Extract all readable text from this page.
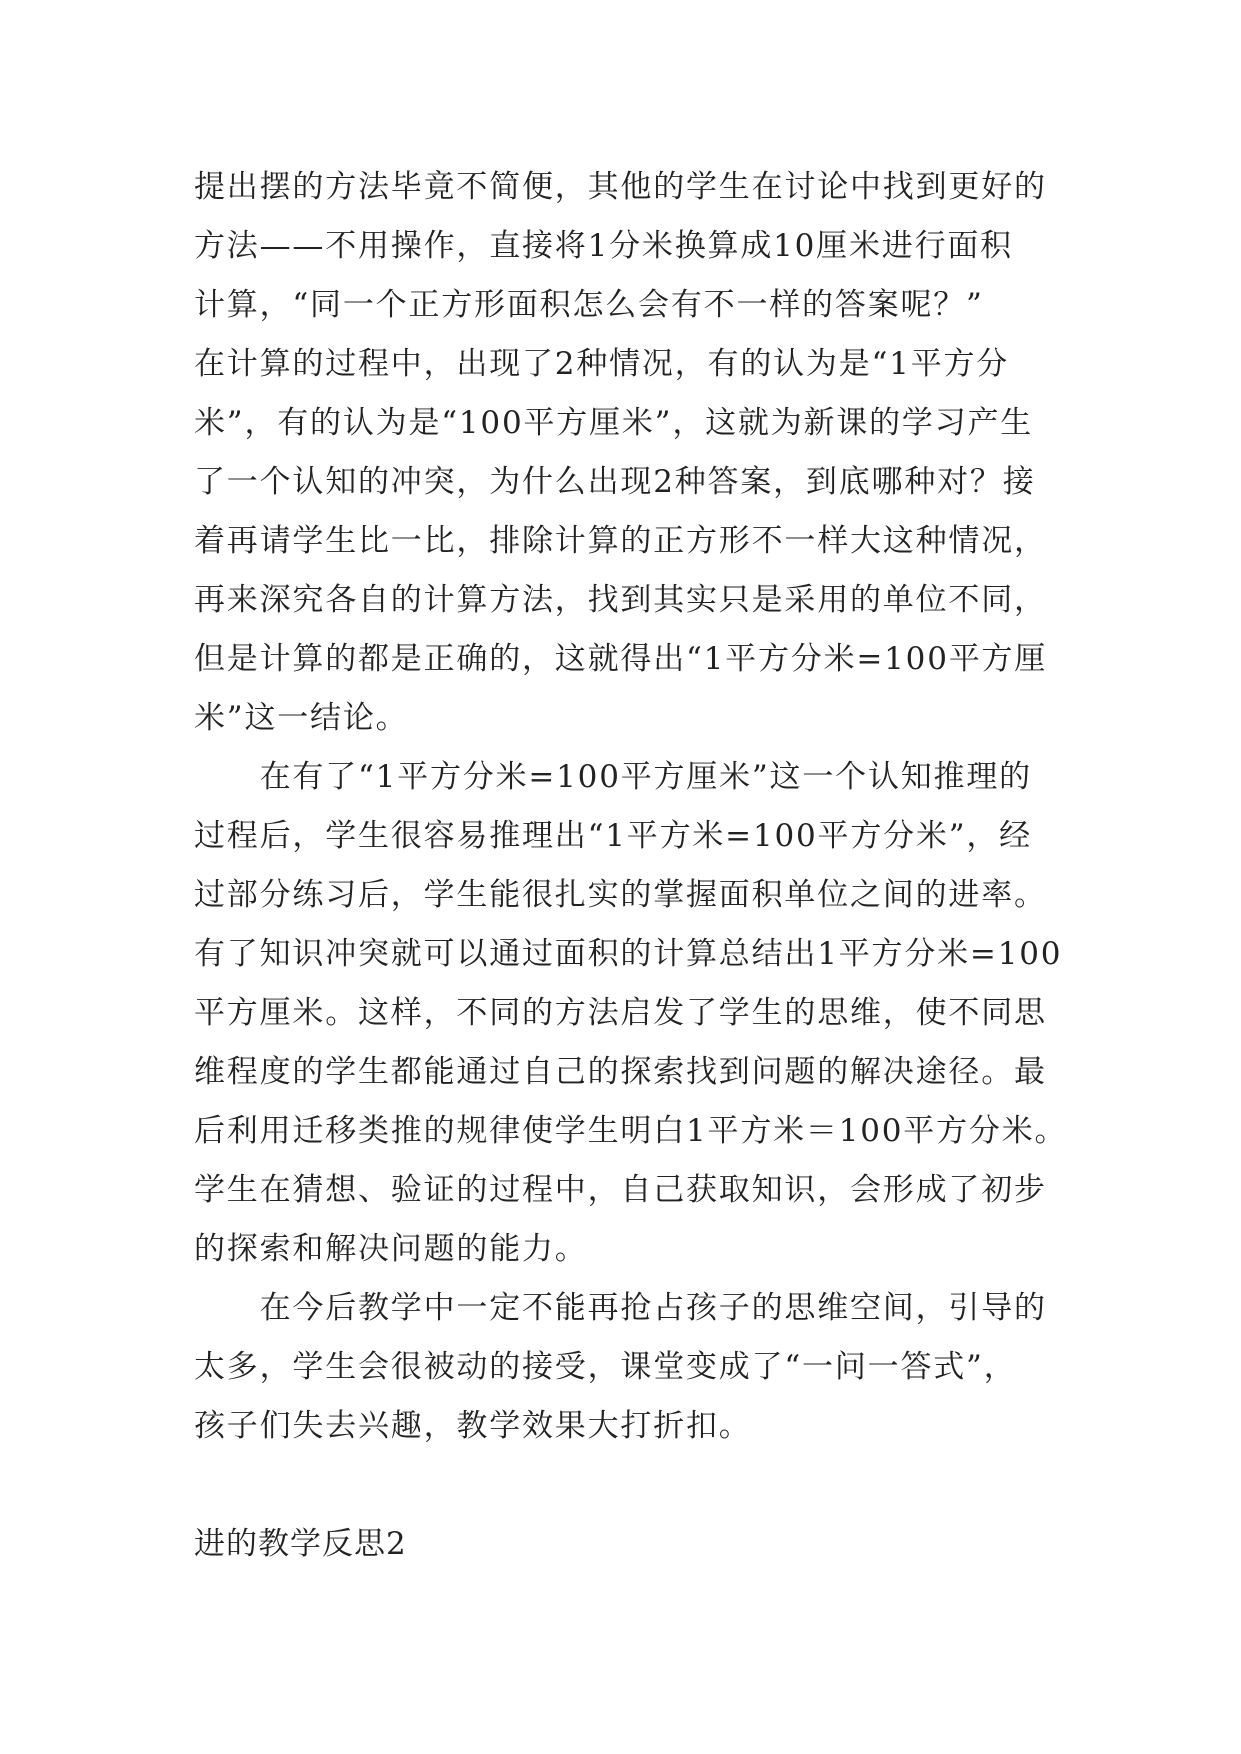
提出摆的方法毕竟不简便，其他的学生在讨论中找到更好的
方法——不用操作，直接将1分米换算成10厘米进行面积
计算，“同一个正方形面积怎么会有不一样的答案呢？”
在计算的过程中，出现了2种情况，有的认为是“1平方分
米”，有的认为是“100平方厘米”，这就为新课的学习产生
了一个认知的冲突，为什么出现2种答案，到底哪种对？接
着再请学生比一比，排除计算的正方形不一样大这种情况，
再来深究各自的计算方法，找到其实只是采用的单位不同，
但是计算的都是正确的，这就得出“1平方分米=100平方厘
米”这一结论。
　　在有了“1平方分米=100平方厘米”这一个认知推理的
过程后，学生很容易推理出“1平方米=100平方分米”，经
过部分练习后，学生能很扎实的掌握面积单位之间的进率。
有了知识冲突就可以通过面积的计算总结出1平方分米=100
平方厘米。这样，不同的方法启发了学生的思维，使不同思
维程度的学生都能通过自己的探索找到问题的解决途径。最
后利用迁移类推的规律使学生明白1平方米＝100平方分米。
学生在猜想、验证的过程中，自己获取知识，会形成了初步
的探索和解决问题的能力。
　　在今后教学中一定不能再抢占孩子的思维空间，引导的
太多，学生会很被动的接受，课堂变成了“一问一答式”，
孩子们失去兴趣，教学效果大打折扣。
进的教学反思2
